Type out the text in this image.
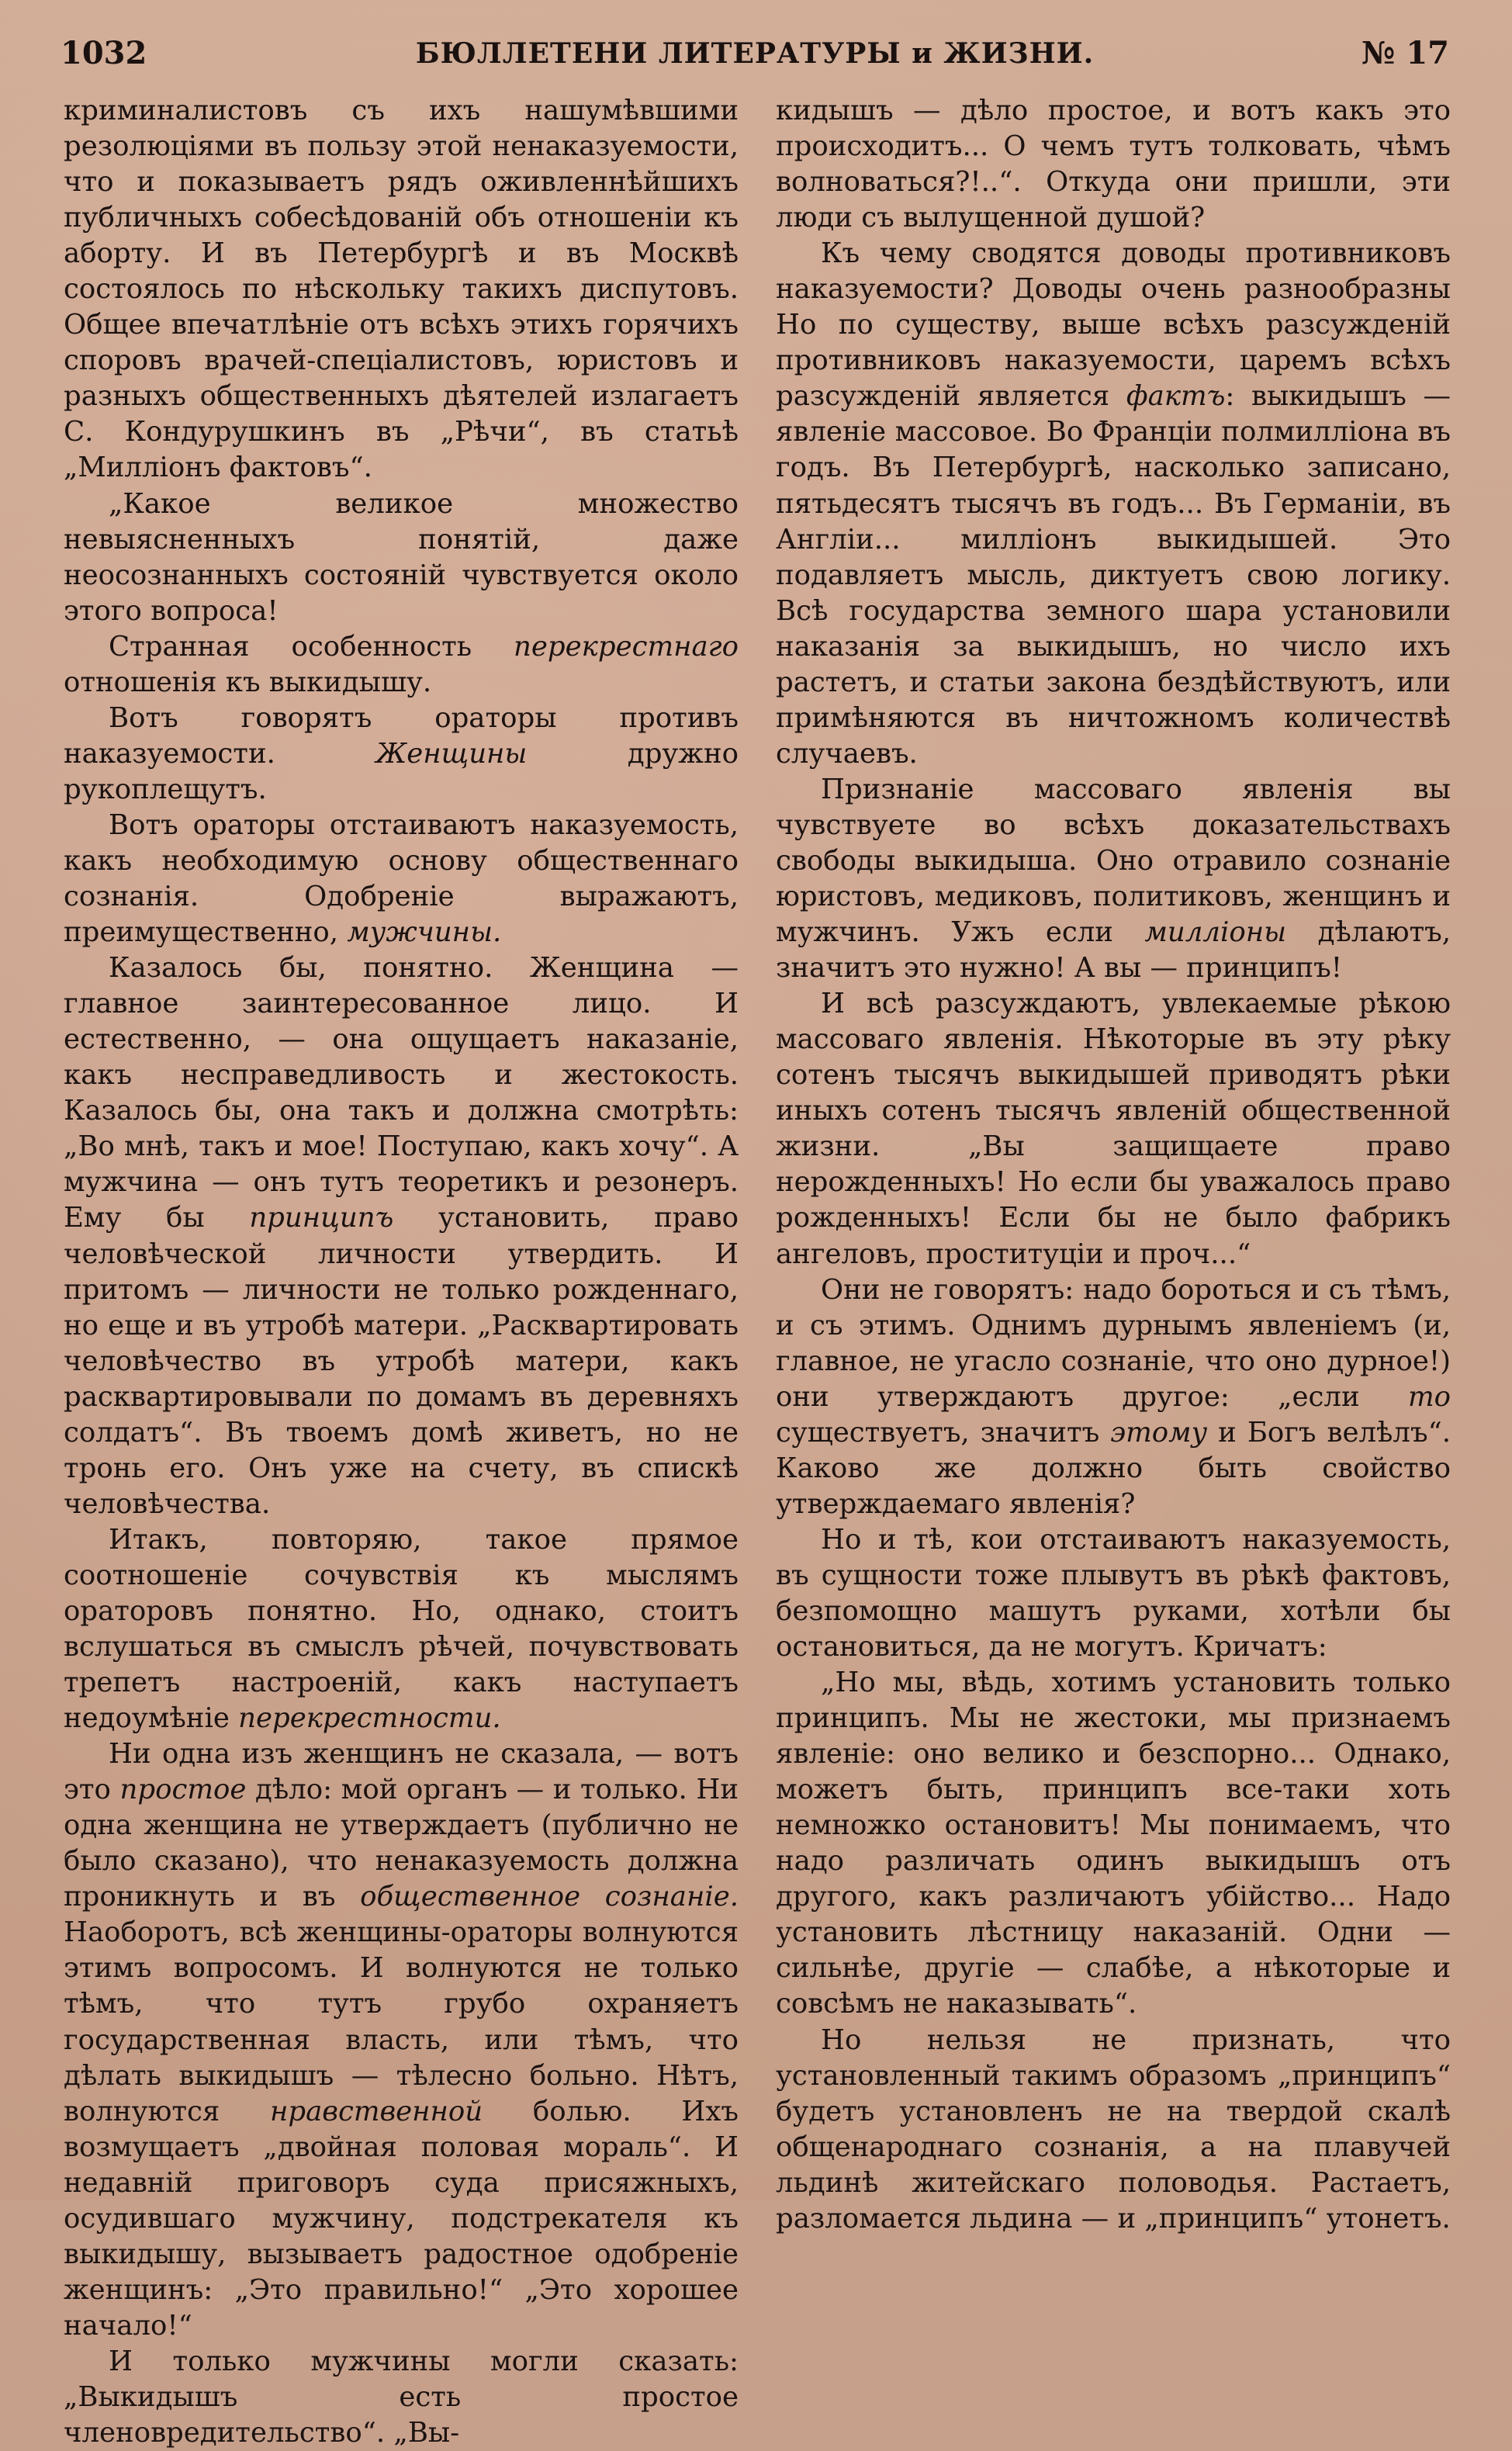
БЮЛЛЕТЕНИ ЛИТЕРАТУРЫ и ЖИЗНИ.
1032	№ 17

криминалистовъ съ ихъ нашумѣвшими резолюціями въ пользу этой ненаказуемости, что и показываетъ рядъ оживленнѣйшихъ публичныхъ собесѣдованій объ отношеніи къ аборту. И въ Петербургѣ и въ Москвѣ состоялось по нѣскольку такихъ диспутовъ. Общее впечатлѣніе отъ всѣхъ этихъ горячихъ споровъ врачей-спеціалистовъ, юристовъ и разныхъ общественныхъ дѣятелей излагаетъ С. Кондурушкинъ въ „Рѣчи“, въ статьѣ „Милліонъ фактовъ“.

„Какое великое множество невыясненныхъ понятій, даже неосознанныхъ состояній чувствуется около этого вопроса!

Странная особенность перекрестнаго отношенія къ выкидышу.

Вотъ говорятъ ораторы противъ наказуемости. Женщины дружно рукоплещутъ.

Вотъ ораторы отстаиваютъ наказуемость, какъ необходимую основу общественнаго сознанія. Одобреніе выражаютъ, преимущественно, мужчины.

Казалось бы, понятно. Женщина — главное заинтересованное лицо. И естественно, — она ощущаетъ наказаніе, какъ несправедливость и жестокость. Казалось бы, она такъ и должна смотрѣть: „Во мнѣ, такъ и мое! Поступаю, какъ хочу“. А мужчина — онъ тутъ теоретикъ и резонеръ. Ему бы принципъ установить, право человѣческой личности утвердить. И притомъ — личности не только рожденнаго, но еще и въ утробѣ матери. „Расквартировать человѣчество въ утробѣ матери, какъ расквартировывали по домамъ въ деревняхъ солдатъ“. Въ твоемъ домѣ живетъ, но не тронь его. Онъ уже на счету, въ спискѣ человѣчества.

Итакъ, повторяю, такое прямое соотношеніе сочувствія къ мыслямъ ораторовъ понятно. Но, однако, стоитъ вслушаться въ смыслъ рѣчей, почувствовать трепетъ настроеній, какъ наступаетъ недоумѣніе перекрестности.

Ни одна изъ женщинъ не сказала, — вотъ это простое дѣло: мой органъ — и только. Ни одна женщина не утверждаетъ (публично не было сказано), что ненаказуемость должна проникнуть и въ общественное сознаніе. Наоборотъ, всѣ женщины-ораторы волнуются этимъ вопросомъ. И волнуются не только тѣмъ, что тутъ грубо охраняетъ государственная власть, или тѣмъ, что дѣлать выкидышъ — тѣлесно больно. Нѣтъ, волнуются нравственной болью. Ихъ возмущаетъ „двойная половая мораль“. И недавній приговоръ суда присяжныхъ, осудившаго мужчину, подстрекателя къ выкидышу, вызываетъ радостное одобреніе женщинъ: „Это правильно!“ „Это хорошее начало!“

И только мужчины могли сказать: „Выкидышъ есть простое членовредительство“. „Вы-

кидышъ — дѣло простое, и вотъ какъ это происходитъ... О чемъ тутъ толковать, чѣмъ волноваться?!..“. Откуда они пришли, эти люди съ вылущенной душой?

Къ чему сводятся доводы противниковъ наказуемости? Доводы очень разнообразны Но по существу, выше всѣхъ разсужденій противниковъ наказуемости, царемъ всѣхъ разсужденій является фактъ: выкидышъ — явленіе массовое. Во Франціи полмилліона въ годъ. Въ Петербургѣ, насколько записано, пятьдесятъ тысячъ въ годъ... Въ Германіи, въ Англіи... милліонъ выкидышей. Это подавляетъ мысль, диктуетъ свою логику. Всѣ государства земного шара установили наказанія за выкидышъ, но число ихъ растетъ, и статьи закона бездѣйствуютъ, или примѣняются въ ничтожномъ количествѣ случаевъ.

Признаніе массоваго явленія вы чувствуете во всѣхъ доказательствахъ свободы выкидыша. Оно отравило сознаніе юристовъ, медиковъ, политиковъ, женщинъ и мужчинъ. Ужъ если милліоны дѣлаютъ, значитъ это нужно! А вы — принципъ!

И всѣ разсуждаютъ, увлекаемые рѣкою массоваго явленія. Нѣкоторые въ эту рѣку сотенъ тысячъ выкидышей приводятъ рѣки иныхъ сотенъ тысячъ явленій общественной жизни. „Вы защищаете право нерожденныхъ! Но если бы уважалось право рожденныхъ! Если бы не было фабрикъ ангеловъ, проституціи и проч...“

Они не говорятъ: надо бороться и съ тѣмъ, и съ этимъ. Однимъ дурнымъ явленіемъ (и, главное, не угасло сознаніе, что оно дурное!) они утверждаютъ другое: „если то существуетъ, значитъ этому и Богъ велѣлъ“. Каково же должно быть свойство утверждаемаго явленія?

Но и тѣ, кои отстаиваютъ наказуемость, въ сущности тоже плывутъ въ рѣкѣ фактовъ, безпомощно машутъ руками, хотѣли бы остановиться, да не могутъ. Кричатъ:

„Но мы, вѣдь, хотимъ установить только принципъ. Мы не жестоки, мы признаемъ явленіе: оно велико и безспорно... Однако, можетъ быть, принципъ все-таки хоть немножко остановитъ! Мы понимаемъ, что надо различать одинъ выкидышъ отъ другого, какъ различаютъ убійство... Надо установить лѣстницу наказаній. Одни — сильнѣе, другіе — слабѣе, а нѣкоторые и совсѣмъ не наказывать“.

Но нельзя не признать, что установленный такимъ образомъ „принципъ“ будетъ установленъ не на твердой скалѣ общенароднаго сознанія, а на плавучей льдинѣ житейскаго половодья. Растаетъ, разломается льдина — и „принципъ“ утонетъ.
